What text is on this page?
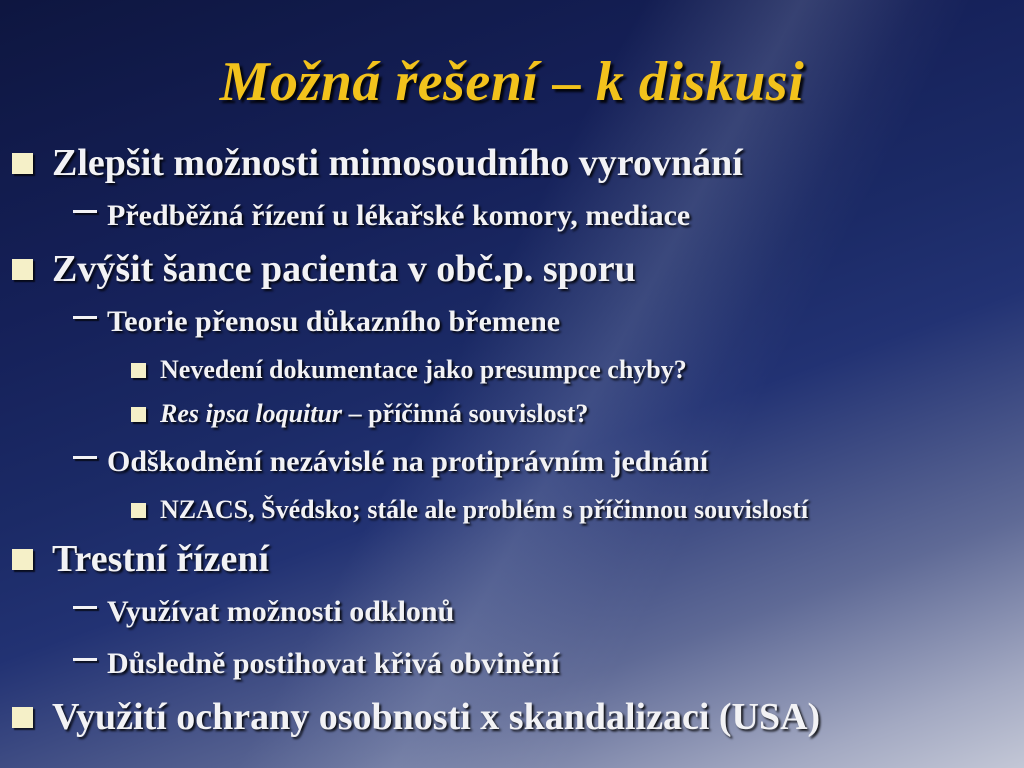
Možná řešení – k diskusi
Zlepšit možnosti mimosoudního vyrovnání
Předběžná řízení u lékařské komory, mediace
Zvýšit šance pacienta v obč.p. sporu
Teorie přenosu důkazního břemene
Nevedení dokumentace jako presumpce chyby?
Res ipsa loquitur – příčinná souvislost?
Odškodnění nezávislé na protiprávním jednání
NZACS, Švédsko; stále ale problém s příčinnou souvislostí
Trestní řízení
Využívat možnosti odklonů
Důsledně postihovat křivá obvinění
Využití ochrany osobnosti x skandalizaci (USA)
